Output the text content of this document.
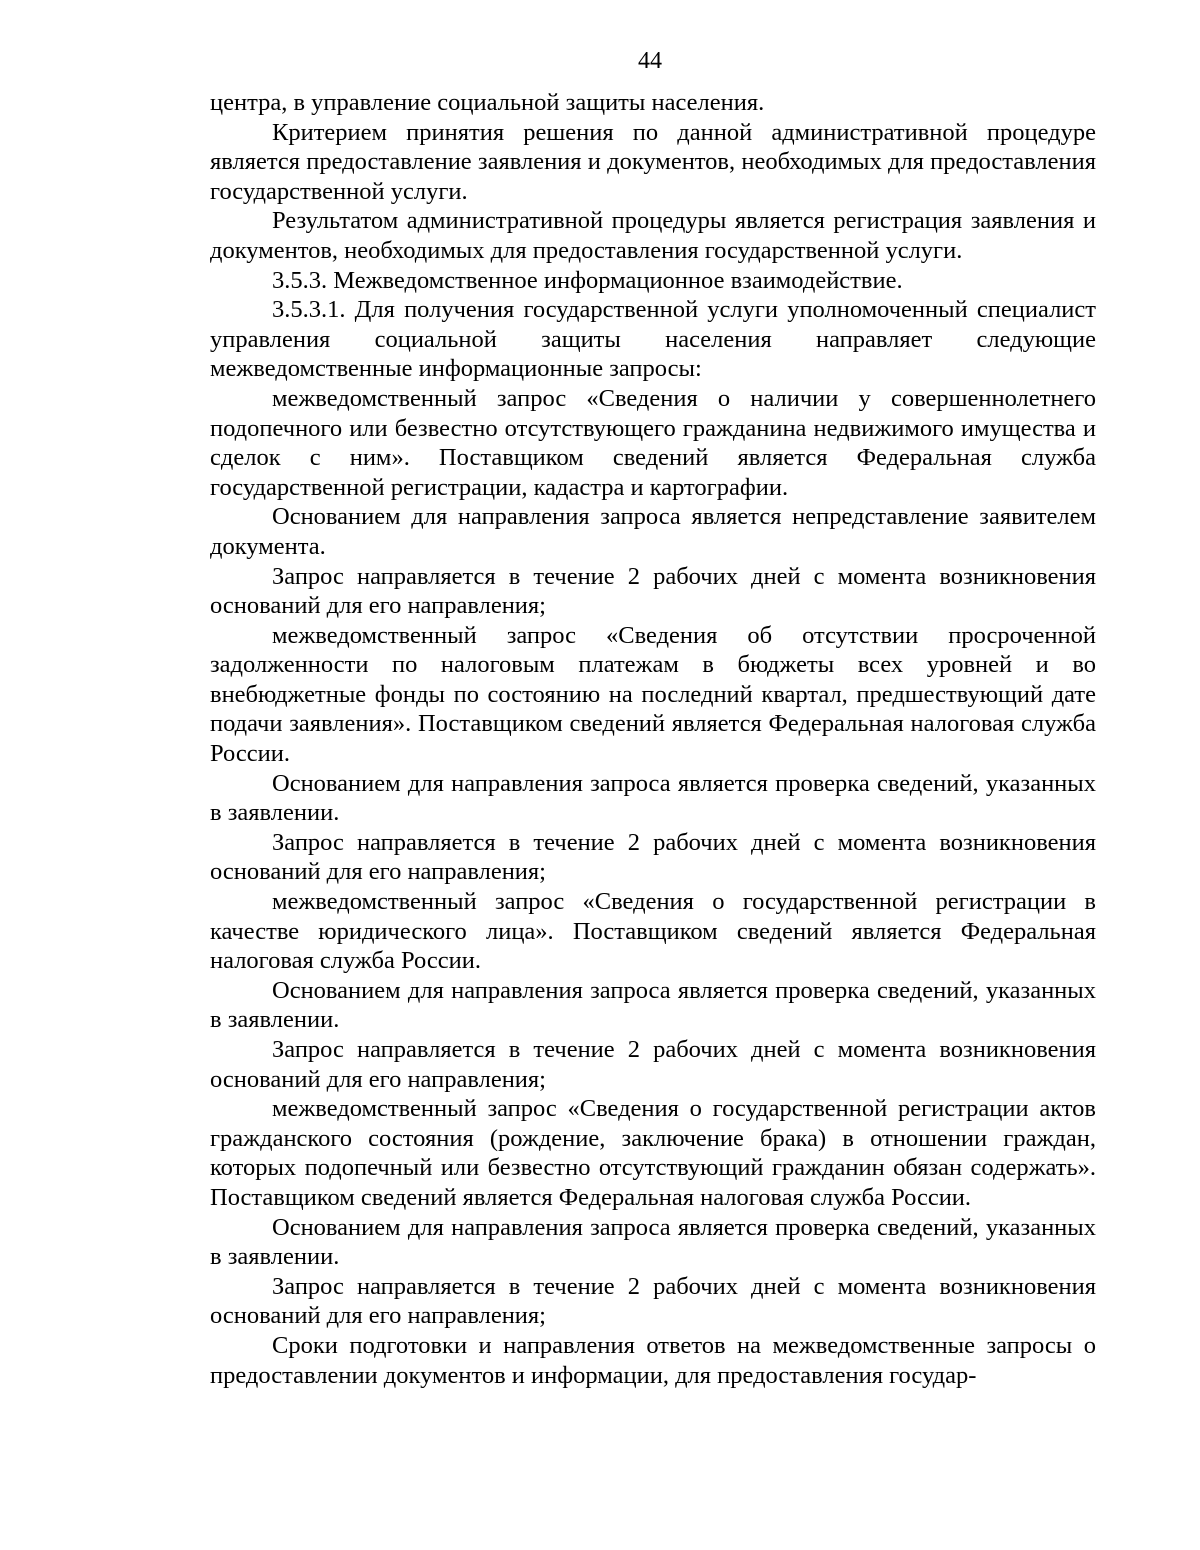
44

центра, в управление социальной защиты населения.

Критерием принятия решения по данной административной процедуре является предоставление заявления и документов, необходимых для предоставления государственной услуги.

Результатом административной процедуры является регистрация заявления и документов, необходимых для предоставления государственной услуги.

3.5.3. Межведомственное информационное взаимодействие.

3.5.3.1. Для получения государственной услуги уполномоченный специалист управления социальной защиты населения направляет следующие межведомственные информационные запросы:

межведомственный запрос «Сведения о наличии у совершеннолетнего подопечного или безвестно отсутствующего гражданина недвижимого имущества и сделок с ним». Поставщиком сведений является Федеральная служба государственной регистрации, кадастра и картографии.

Основанием для направления запроса является непредставление заявителем документа.

Запрос направляется в течение 2 рабочих дней с момента возникновения оснований для его направления;

межведомственный запрос «Сведения об отсутствии просроченной задолженности по налоговым платежам в бюджеты всех уровней и во внебюджетные фонды по состоянию на последний квартал, предшествующий дате подачи заявления». Поставщиком сведений является Федеральная налоговая служба России.

Основанием для направления запроса является проверка сведений, указанных в заявлении.

Запрос направляется в течение 2 рабочих дней с момента возникновения оснований для его направления;

межведомственный запрос «Сведения о государственной регистрации в качестве юридического лица». Поставщиком сведений является Федеральная налоговая служба России.

Основанием для направления запроса является проверка сведений, указанных в заявлении.

Запрос направляется в течение 2 рабочих дней с момента возникновения оснований для его направления;

межведомственный запрос «Сведения о государственной регистрации актов гражданского состояния (рождение, заключение брака) в отношении граждан, которых подопечный или безвестно отсутствующий гражданин обязан содержать». Поставщиком сведений является Федеральная налоговая служба России.

Основанием для направления запроса является проверка сведений, указанных в заявлении.

Запрос направляется в течение 2 рабочих дней с момента возникновения оснований для его направления;

Сроки подготовки и направления ответов на межведомственные запросы о предоставлении документов и информации, для предоставления государ-
